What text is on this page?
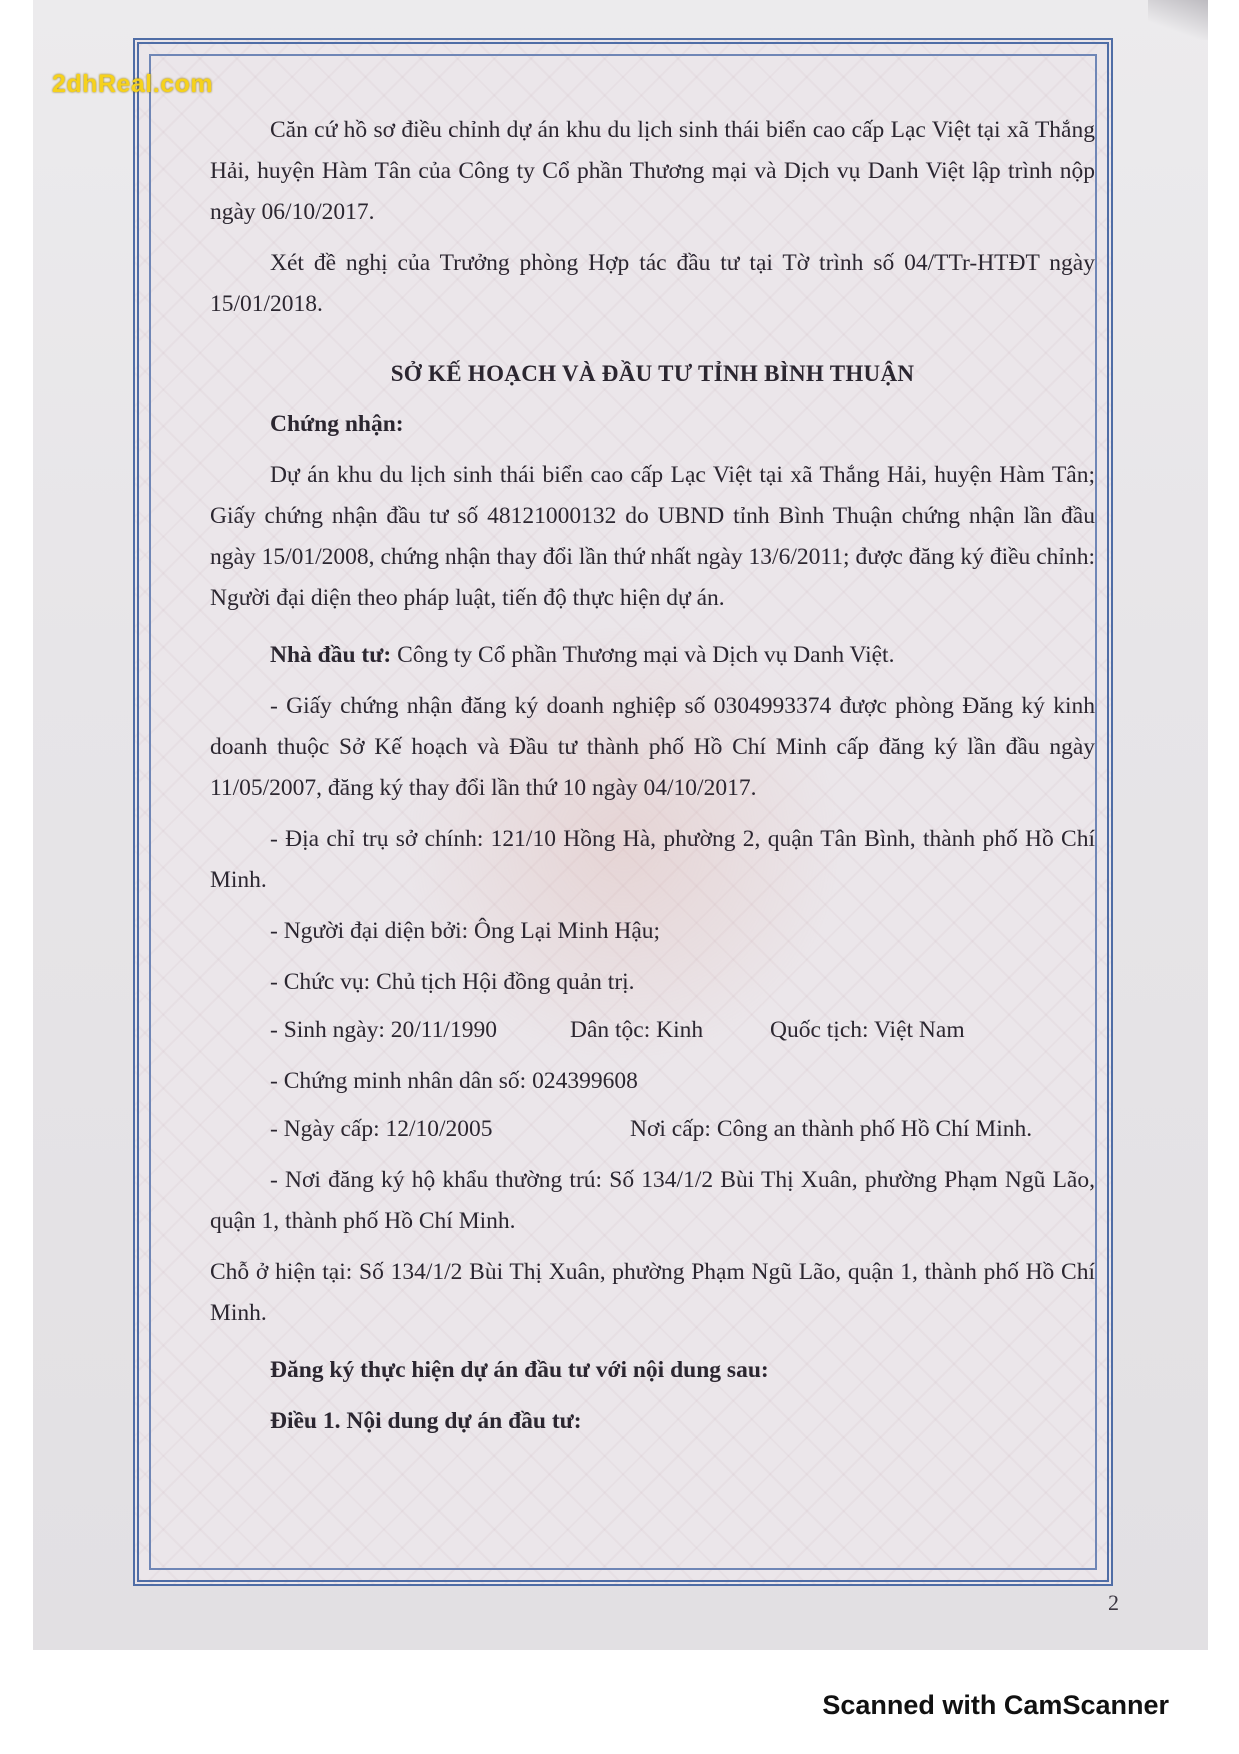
2
2dhReal.com

Căn cứ hồ sơ điều chỉnh dự án khu du lịch sinh thái biển cao cấp Lạc Việt tại xã Thắng Hải, huyện Hàm Tân của Công ty Cổ phần Thương mại và Dịch vụ Danh Việt lập trình nộp ngày 06/10/2017.

Xét đề nghị của Trưởng phòng Hợp tác đầu tư tại Tờ trình số 04/TTr-HTĐT ngày 15/01/2018.

SỞ KẾ HOẠCH VÀ ĐẦU TƯ TỈNH BÌNH THUẬN

Chứng nhận:

Dự án khu du lịch sinh thái biển cao cấp Lạc Việt tại xã Thắng Hải, huyện Hàm Tân; Giấy chứng nhận đầu tư số 48121000132 do UBND tỉnh Bình Thuận chứng nhận lần đầu ngày 15/01/2008, chứng nhận thay đổi lần thứ nhất ngày 13/6/2011; được đăng ký điều chỉnh: Người đại diện theo pháp luật, tiến độ thực hiện dự án.

Nhà đầu tư: Công ty Cổ phần Thương mại và Dịch vụ Danh Việt.

- Giấy chứng nhận đăng ký doanh nghiệp số 0304993374 được phòng Đăng ký kinh doanh thuộc Sở Kế hoạch và Đầu tư thành phố Hồ Chí Minh cấp đăng ký lần đầu ngày 11/05/2007, đăng ký thay đổi lần thứ 10 ngày 04/10/2017.

- Địa chỉ trụ sở chính: 121/10 Hồng Hà, phường 2, quận Tân Bình, thành phố Hồ Chí Minh.

- Người đại diện bởi: Ông Lại Minh Hậu;

- Chức vụ: Chủ tịch Hội đồng quản trị.

- Sinh ngày: 20/11/1990	Dân tộc: Kinh	Quốc tịch: Việt Nam

- Chứng minh nhân dân số: 024399608

- Ngày cấp: 12/10/2005	Nơi cấp: Công an thành phố Hồ Chí Minh.

- Nơi đăng ký hộ khẩu thường trú: Số 134/1/2 Bùi Thị Xuân, phường Phạm Ngũ Lão, quận 1, thành phố Hồ Chí Minh.

Chỗ ở hiện tại: Số 134/1/2 Bùi Thị Xuân, phường Phạm Ngũ Lão, quận 1, thành phố Hồ Chí Minh.

Đăng ký thực hiện dự án đầu tư với nội dung sau:

Điều 1. Nội dung dự án đầu tư:

Scanned with CamScanner
